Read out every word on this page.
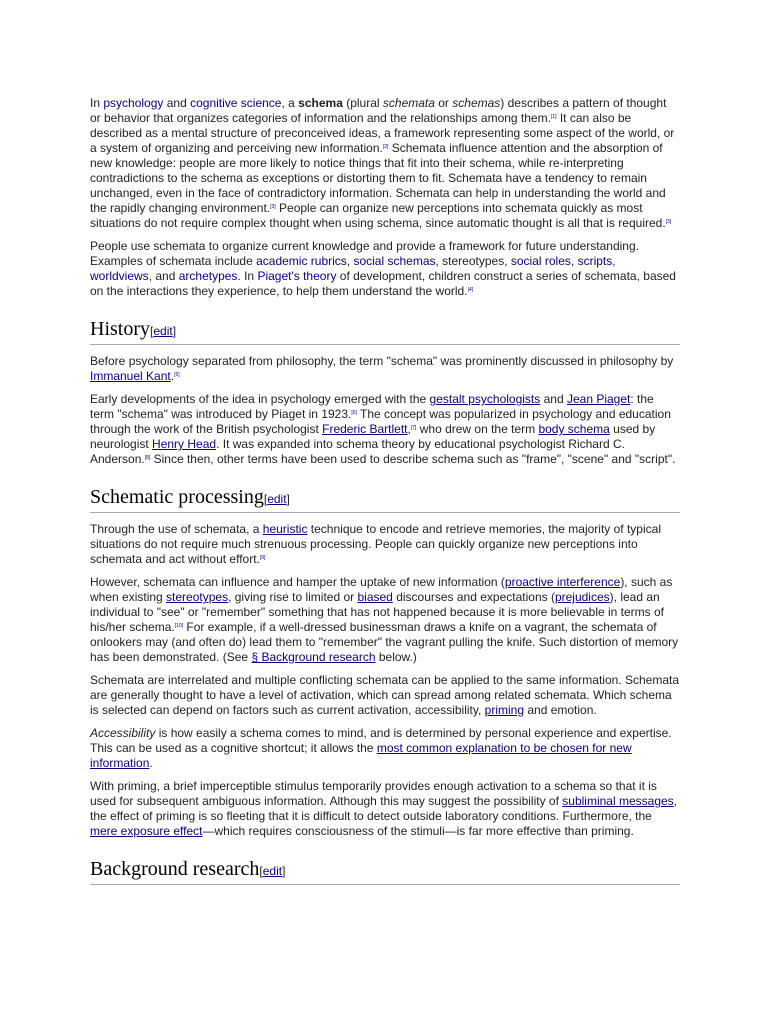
In psychology and cognitive science, a schema (plural schemata or schemas) describes a pattern of thought or behavior that organizes categories of information and the relationships among them.[1] It can also be described as a mental structure of preconceived ideas, a framework representing some aspect of the world, or a system of organizing and perceiving new information.[2] Schemata influence attention and the absorption of new knowledge: people are more likely to notice things that fit into their schema, while re-interpreting contradictions to the schema as exceptions or distorting them to fit. Schemata have a tendency to remain unchanged, even in the face of contradictory information. Schemata can help in understanding the world and the rapidly changing environment.[3] People can organize new perceptions into schemata quickly as most situations do not require complex thought when using schema, since automatic thought is all that is required.[3]

People use schemata to organize current knowledge and provide a framework for future understanding. Examples of schemata include academic rubrics, social schemas, stereotypes, social roles, scripts, worldviews, and archetypes. In Piaget's theory of development, children construct a series of schemata, based on the interactions they experience, to help them understand the world.[4]

History[edit]

Before psychology separated from philosophy, the term "schema" was prominently discussed in philosophy by Immanuel Kant.[5]

Early developments of the idea in psychology emerged with the gestalt psychologists and Jean Piaget: the term "schema" was introduced by Piaget in 1923.[6] The concept was popularized in psychology and education through the work of the British psychologist Frederic Bartlett,[7] who drew on the term body schema used by neurologist Henry Head. It was expanded into schema theory by educational psychologist Richard C. Anderson.[8] Since then, other terms have been used to describe schema such as "frame", "scene" and "script".

Schematic processing[edit]

Through the use of schemata, a heuristic technique to encode and retrieve memories, the majority of typical situations do not require much strenuous processing. People can quickly organize new perceptions into schemata and act without effort.[9]

However, schemata can influence and hamper the uptake of new information (proactive interference), such as when existing stereotypes, giving rise to limited or biased discourses and expectations (prejudices), lead an individual to "see" or "remember" something that has not happened because it is more believable in terms of his/her schema.[10] For example, if a well-dressed businessman draws a knife on a vagrant, the schemata of onlookers may (and often do) lead them to "remember" the vagrant pulling the knife. Such distortion of memory has been demonstrated. (See § Background research below.)

Schemata are interrelated and multiple conflicting schemata can be applied to the same information. Schemata are generally thought to have a level of activation, which can spread among related schemata. Which schema is selected can depend on factors such as current activation, accessibility, priming and emotion.

Accessibility is how easily a schema comes to mind, and is determined by personal experience and expertise. This can be used as a cognitive shortcut; it allows the most common explanation to be chosen for new information.

With priming, a brief imperceptible stimulus temporarily provides enough activation to a schema so that it is used for subsequent ambiguous information. Although this may suggest the possibility of subliminal messages, the effect of priming is so fleeting that it is difficult to detect outside laboratory conditions. Furthermore, the mere exposure effect—which requires consciousness of the stimuli—is far more effective than priming.

Background research[edit]
